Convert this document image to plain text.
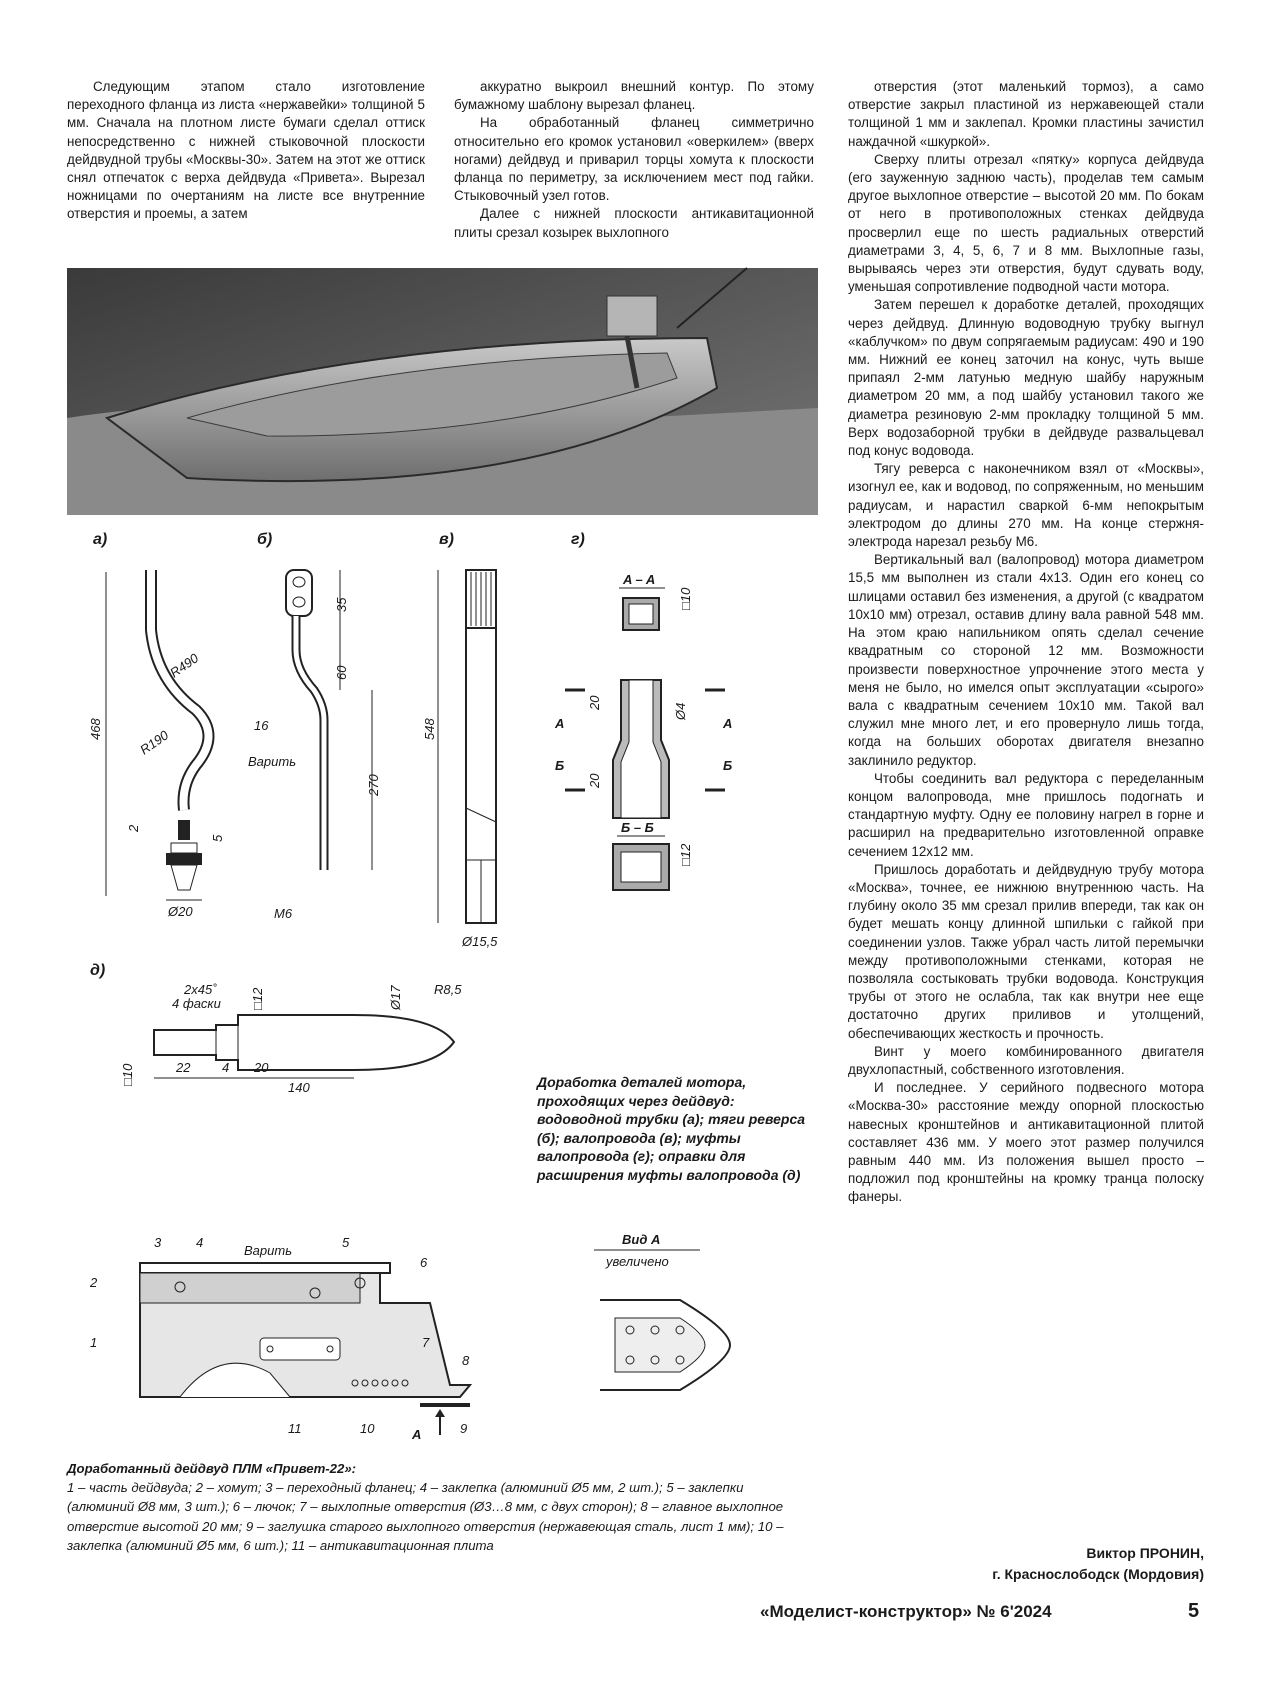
Следующим этапом стало изготовление переходного фланца из листа «нержавейки» толщиной 5 мм. Сначала на плотном листе бумаги сделал оттиск непосредственно с нижней стыковочной плоскости дейдвудной трубы «Москвы-30». Затем на этот же оттиск снял отпечаток с верха дейдвуда «Привета». Вырезал ножницами по очертаниям на листе все внутренние отверстия и проемы, а затем

аккуратно выкроил внешний контур. По этому бумажному шаблону вырезал фланец.

На обработанный фланец симметрично относительно его кромок установил «оверкилем» (вверх ногами) дейдвуд и приварил торцы хомута к плоскости фланца по периметру, за исключением мест под гайки. Стыковочный узел готов.

Далее с нижней плоскости антикавитационной плиты срезал козырек выхлопного

отверстия (этот маленький тормоз), а само отверстие закрыл пластиной из нержавеющей стали толщиной 1 мм и заклепал. Кромки пластины зачистил наждачной «шкуркой».

Сверху плиты отрезал «пятку» корпуса дейдвуда (его зауженную заднюю часть), проделав тем самым другое выхлопное отверстие – высотой 20 мм. По бокам от него в противоположных стенках дейдвуда просверлил еще по шесть радиальных отверстий диаметрами 3, 4, 5, 6, 7 и 8 мм. Выхлопные газы, вырываясь через эти отверстия, будут сдувать воду, уменьшая сопротивление подводной части мотора.

Затем перешел к доработке деталей, проходящих через дейдвуд. Длинную водоводную трубку выгнул «каблучком» по двум сопрягаемым радиусам: 490 и 190 мм. Нижний ее конец заточил на конус, чуть выше припаял 2-мм латунью медную шайбу наружным диаметром 20 мм, а под шайбу установил такого же диаметра резиновую 2-мм прокладку толщиной 5 мм. Верх водозаборной трубки в дейдвуде развальцевал под конус водовода.

Тягу реверса с наконечником взял от «Москвы», изогнул ее, как и водовод, по сопряженным, но меньшим радиусам, и нарастил сваркой 6-мм непокрытым электродом до длины 270 мм. На конце стержня-электрода нарезал резьбу М6.

Вертикальный вал (валопровод) мотора диаметром 15,5 мм выполнен из стали 4х13. Один его конец со шлицами оставил без изменения, а другой (с квадратом 10х10 мм) отрезал, оставив длину вала равной 548 мм. На этом краю напильником опять сделал сечение квадратным со стороной 12 мм. Возможности произвести поверхностное упрочнение этого места у меня не было, но имелся опыт эксплуатации «сырого» вала с квадратным сечением 10х10 мм. Такой вал служил мне много лет, и его провернуло лишь тогда, когда на больших оборотах двигателя внезапно заклинило редуктор.

Чтобы соединить вал редуктора с переделанным концом валопровода, мне пришлось подогнать и стандартную муфту. Одну ее половину нагрел в горне и расширил на предварительно изготовленной оправке сечением 12х12 мм.

Пришлось доработать и дейдвудную трубу мотора «Москва», точнее, ее нижнюю внутреннюю часть. На глубину около 35 мм срезал прилив впереди, так как он будет мешать концу длинной шпильки с гайкой при соединении узлов. Также убрал часть литой перемычки между противоположными стенками, которая не позволяла состыковать трубки водовода. Конструкция трубы от этого не ослабла, так как внутри нее еще достаточно других приливов и утолщений, обеспечивающих жесткость и прочность.

Винт у моего комбинированного двигателя двухлопастный, собственного изготовления.

И последнее. У серийного подвесного мотора «Москва-30» расстояние между опорной плоскостью навесных кронштейнов и антикавитационной плитой составляет 436 мм. У моего этот размер получился равным 440 мм. Из положения вышел просто – подложил под кронштейны на кромку транца полоску фанеры.

а)	б)	в)	г)
д)
468
R490
R190
2
5
Ø20
35
60
16
Варить
270
M6
548
Ø15,5
A – A
□10
A	A
Б	Б
20
20
Ø4
Б – Б
□12
2x45˚
4 фаски □12	Ø17 R8,5
□10	22 4 20
140	Доработка деталей мотора, проходящих через дейдвуд: водоводной трубки (а); тяги реверса (б); валопровода (в); муфты валопровода (г); оправки для расширения муфты валопровода (д)
3	4
Варить
5
6
2
1	7
8
11	10	A	9
Вид А
увеличено
Доработанный дейдвуд ПЛМ «Привет-22»:
1 – часть дейдвуда; 2 – хомут; 3 – переходный фланец; 4 – заклепка (алюминий Ø5 мм, 2 шт.); 5 – заклепки (алюминий Ø8 мм, 3 шт.); 6 – лючок; 7 – выхлопные отверстия (Ø3…8 мм, с двух сторон); 8 – главное выхлопное отверстие высотой 20 мм; 9 – заглушка старого выхлопного отверстия (нержавеющая сталь, лист 1 мм); 10 – заклепка (алюминий Ø5 мм, 6 шт.); 11 – антикавитационная плита	Виктор ПРОНИН,
г. Краснослободск (Мордовия)
«Моделист-конструктор» № 6'2024	5
